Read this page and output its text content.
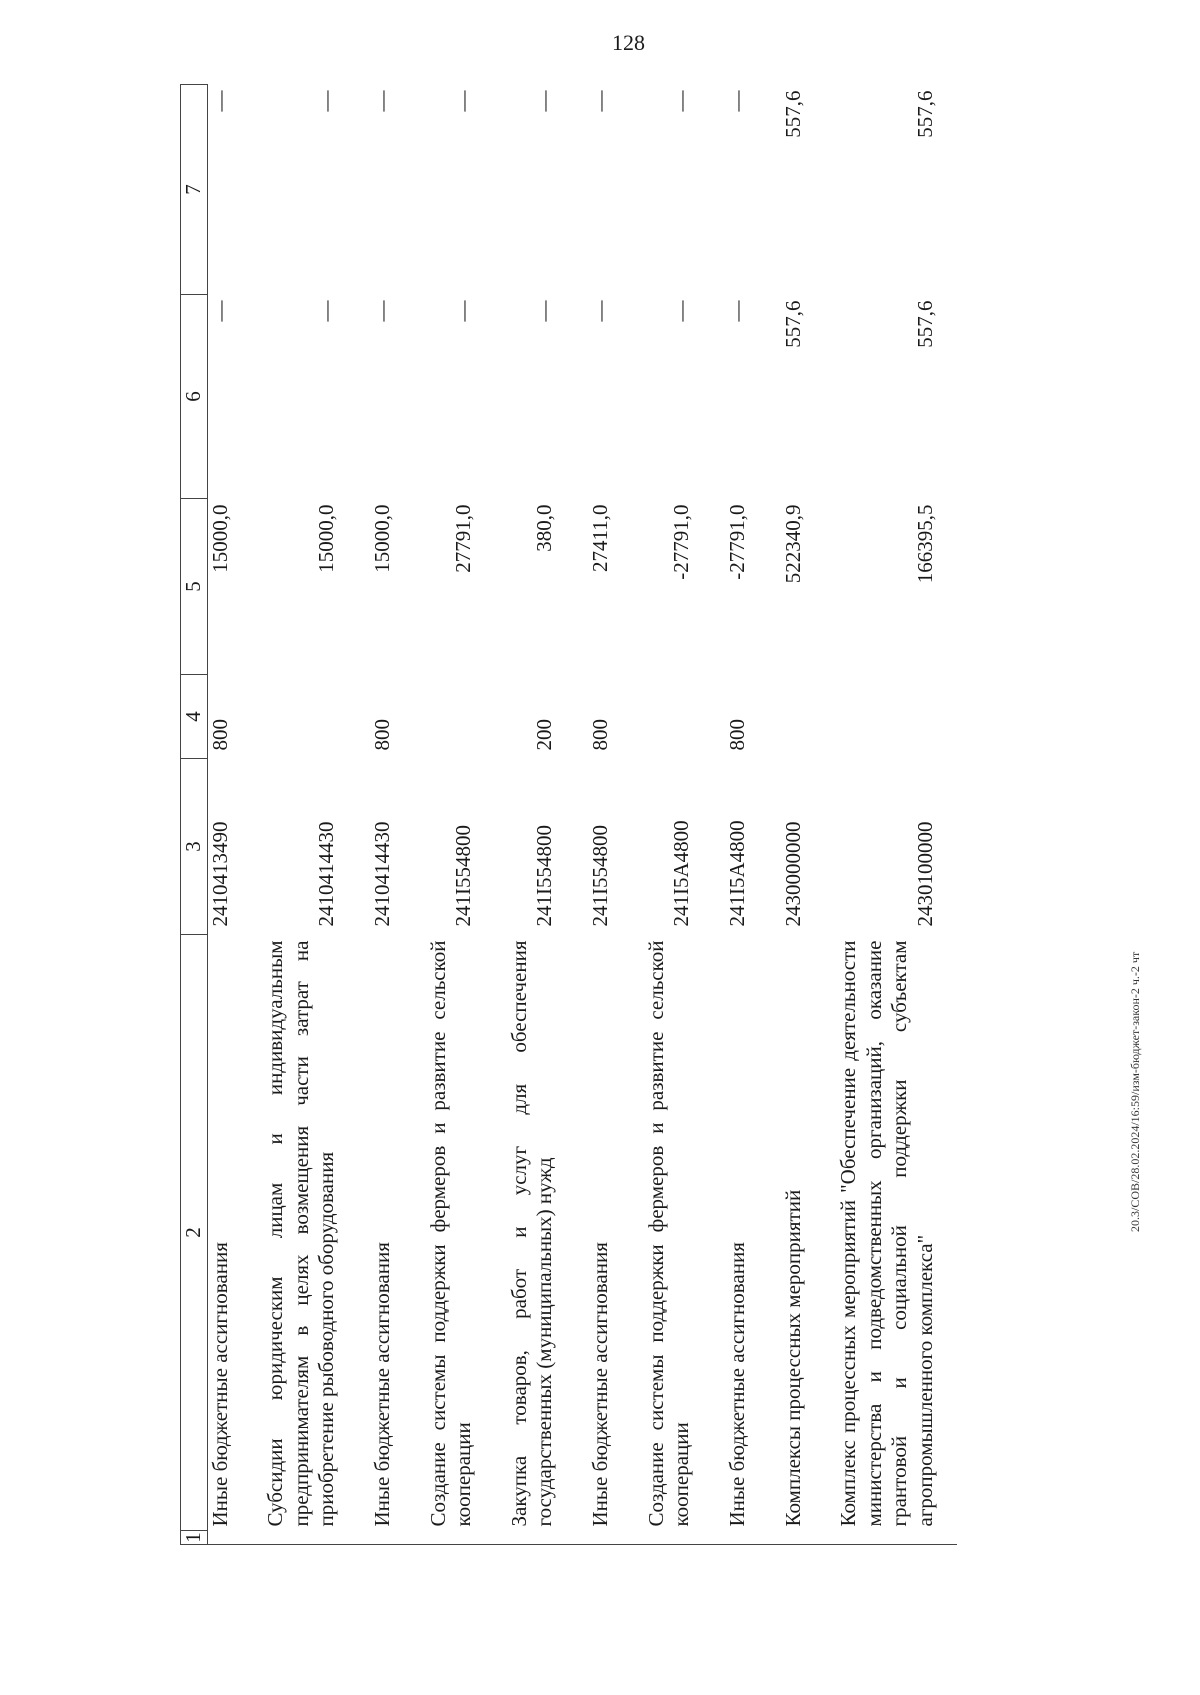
128
1	2	3	4	5	6	7
	Иные бюджетные ассигнования	2410413490	800	15000,0	—	—
	Субсидии юридическим лицам и индивидуальным предпринимателям в целях возмещения части затрат на приобретение рыбоводного оборудования	2410414430		15000,0	—	—
	Иные бюджетные ассигнования	2410414430	800	15000,0	—	—
	Создание системы поддержки фермеров и развитие сельской кооперации	241I554800		27791,0	—	—
	Закупка товаров, работ и услуг для обеспечения государственных (муниципальных) нужд	241I554800	200	380,0	—	—
	Иные бюджетные ассигнования	241I554800	800	27411,0	—	—
	Создание системы поддержки фермеров и развитие сельской кооперации	241I5A4800		-27791,0	—	—
	Иные бюджетные ассигнования	241I5A4800	800	-27791,0	—	—
	Комплексы процессных мероприятий	2430000000		522340,9	557,6	557,6
	Комплекс процессных мероприятий "Обеспечение деятельности министерства и подведомственных организаций, оказание грантовой и социальной поддержки субъектам агропромышленного комплекса"	2430100000		166395,5	557,6	557,6
20.3/СОВ/28.02.2024/16:59/изм-бюджет-закон-2 ч.-2 чт
